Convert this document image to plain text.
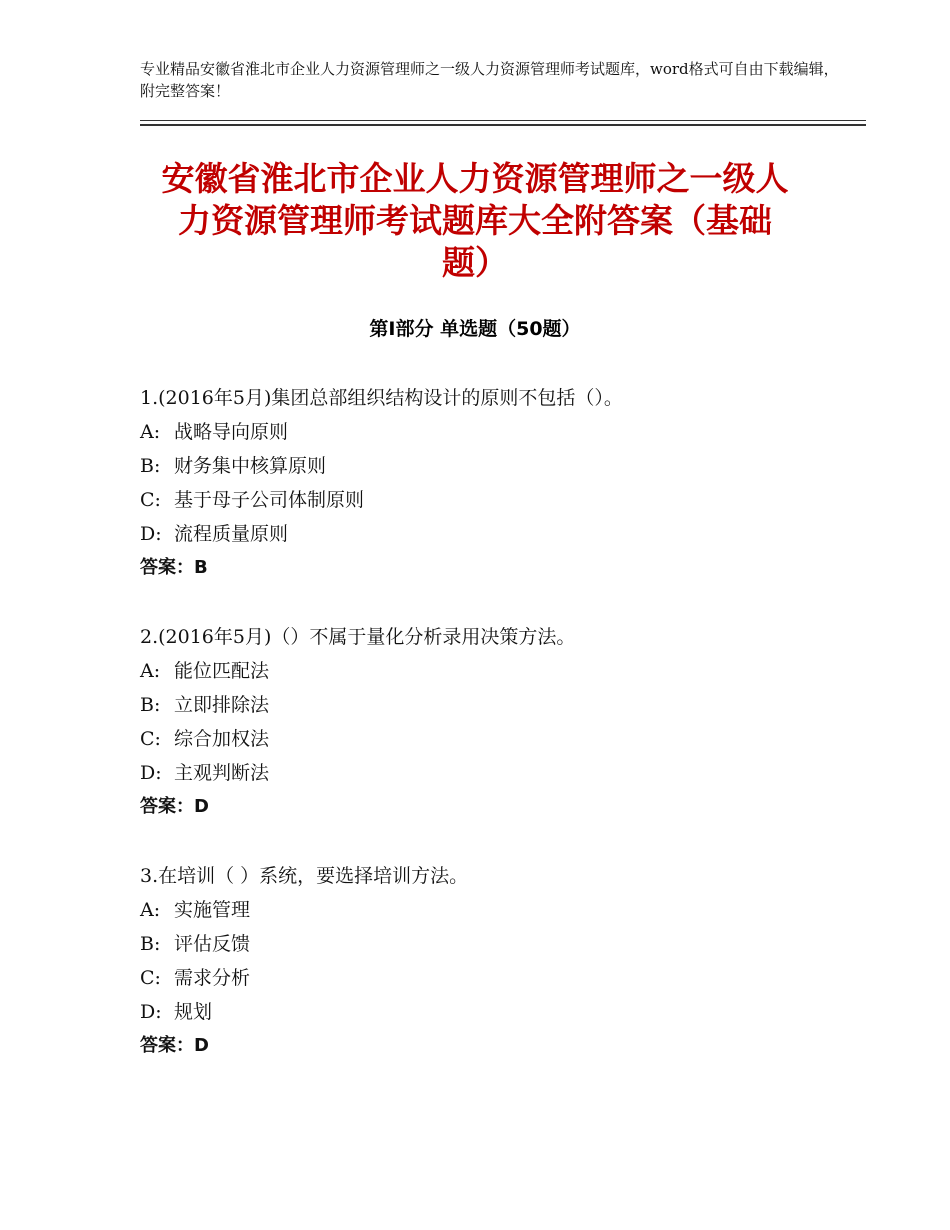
专业精品安徽省淮北市企业人力资源管理师之一级人力资源管理师考试题库，word格式可自由下载编辑，附完整答案！
安徽省淮北市企业人力资源管理师之一级人
力资源管理师考试题库大全附答案（基础
题）
第Ⅰ部分 单选题（50题）
1.(2016年5月)集团总部组织结构设计的原则不包括（）。
A: 战略导向原则
B: 财务集中核算原则
C: 基于母子公司体制原则
D: 流程质量原则
答案：B
2.(2016年5月)（）不属于量化分析录用决策方法。
A: 能位匹配法
B: 立即排除法
C: 综合加权法
D: 主观判断法
答案：D
3.在培训（ ）系统，要选择培训方法。
A: 实施管理
B: 评估反馈
C: 需求分析
D: 规划
答案：D
